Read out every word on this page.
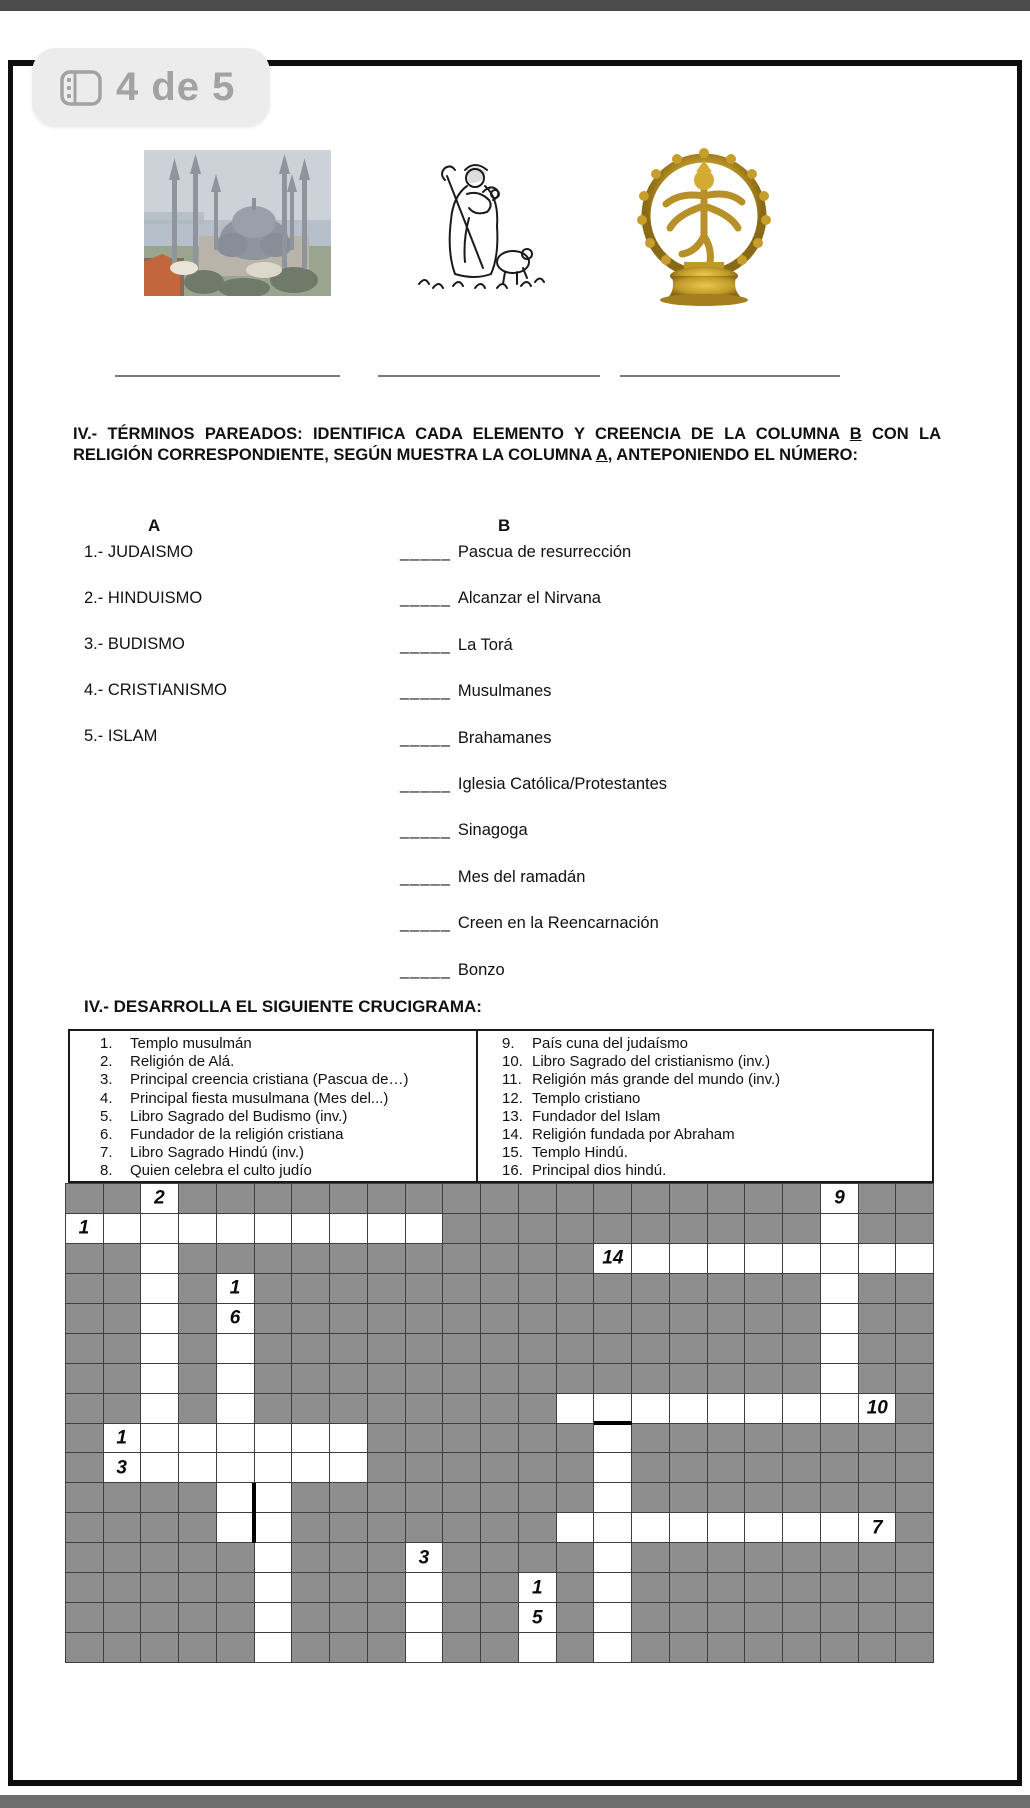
4 de 5
IV.- TÉRMINOS PAREADOS: IDENTIFICA CADA ELEMENTO Y CREENCIA DE LA COLUMNA B CON LA RELIGIÓN CORRESPONDIENTE, SEGÚN MUESTRA LA COLUMNA A, ANTEPONIENDO EL NÚMERO:
A	B
1.- JUDAISMO
2.- HINDUISMO
3.- BUDISMO
4.- CRISTIANISMO
5.- ISLAM
_____ Pascua de resurrección
_____ Alcanzar el Nirvana
_____ La Torá
_____ Musulmanes
_____ Brahamanes
_____ Iglesia Católica/Protestantes
_____ Sinagoga
_____ Mes del ramadán
_____ Creen en la Reencarnación
_____ Bonzo
IV.- DESARROLLA EL SIGUIENTE CRUCIGRAMA:
1.	Templo musulmán
2.	Religión de Alá.
3.	Principal creencia cristiana (Pascua de…)
4.	Principal fiesta musulmana (Mes del...)
5.	Libro Sagrado del Budismo (inv.)
6.	Fundador de la religión cristiana
7.	Libro Sagrado Hindú (inv.)
8.	Quien celebra el culto judío
9.	País cuna del judaísmo
10. Libro Sagrado del cristianismo (inv.)
11. Religión más grande del mundo (inv.)
12. Templo cristiano
13. Fundador del Islam
14. Religión fundada por Abraham
15. Templo Hindú.
16. Principal dios hindú.
2	9
1
14
1
6
10
1
3
7
3
1
5
